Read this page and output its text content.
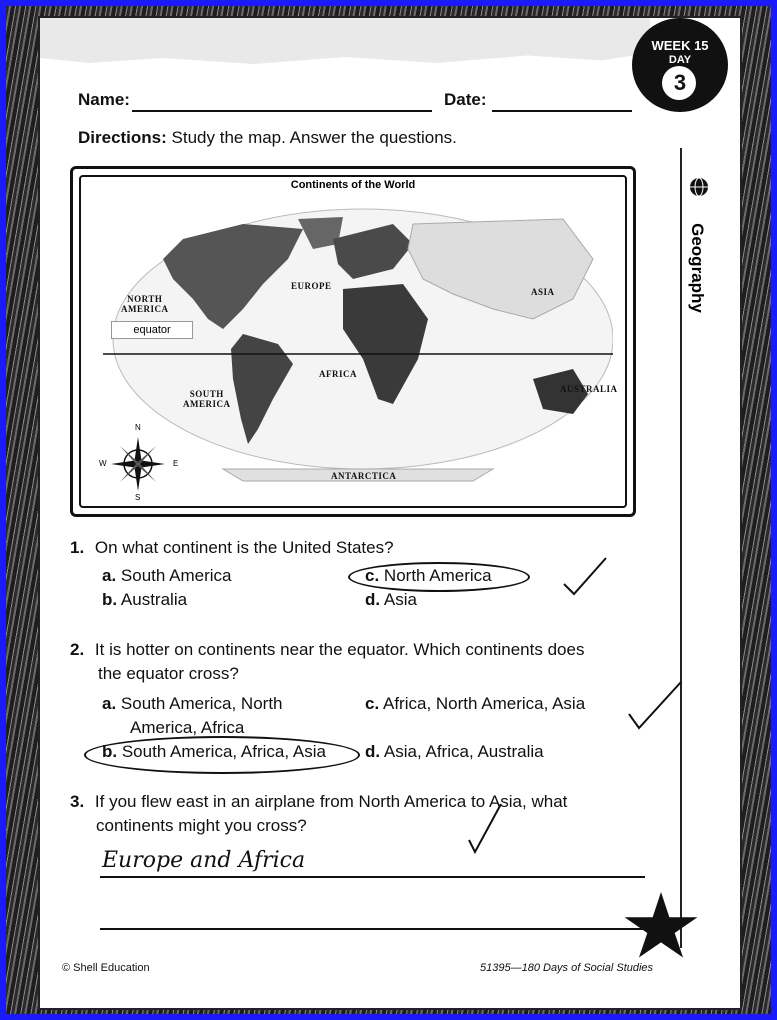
Name:	Date:
Directions: Study the map. Answer the questions.
Geography
WEEK 15
DAY
3
Continents of the World
equator
NORTH
AMERICA
EUROPE
ASIA
AFRICA
SOUTH
AMERICA
AUSTRALIA
ANTARCTICA
N
S
W	E
1. On what continent is the United States?
a. South America
b. Australia
c. North America
d. Asia
2. It is hotter on continents near the equator. Which continents does
the equator cross?
a. South America, North
America, Africa
b. South America, Africa, Asia
c. Africa, North America, Asia
d. Asia, Africa, Australia
3. If you flew east in an airplane from North America to Asia, what
continents might you cross?
Europe and Africa
© Shell Education	51395—180 Days of Social Studies
87
